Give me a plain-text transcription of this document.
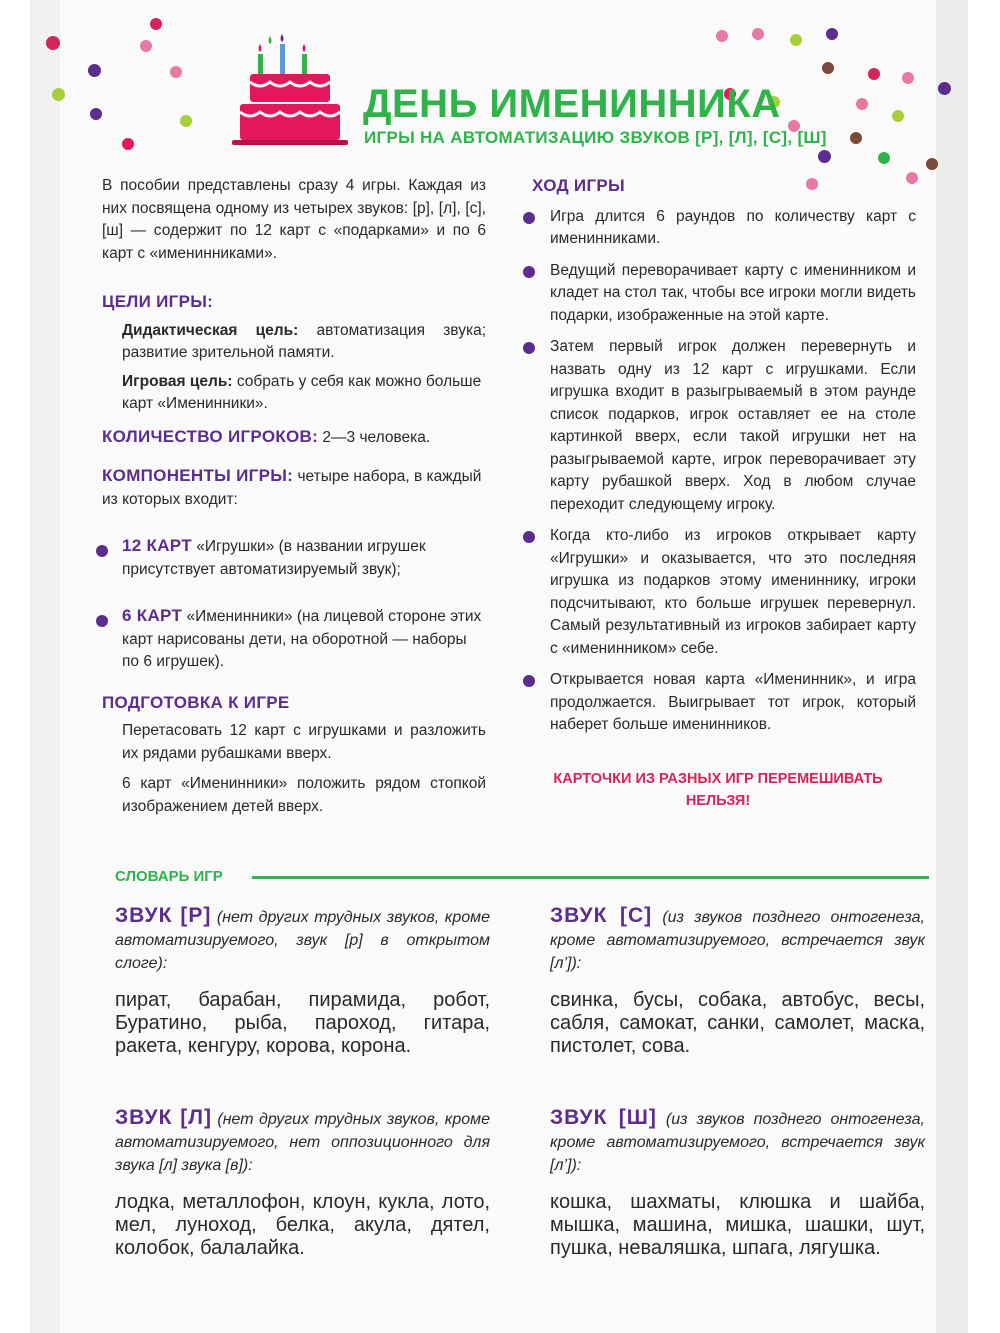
ДЕНЬ ИМЕНИННИКА
ИГРЫ НА АВТОМАТИЗАЦИЮ ЗВУКОВ [Р], [Л], [С], [Ш]
В пособии представлены сразу 4 игры. Каждая из них посвящена одному из четырех звуков: [р], [л], [с], [ш] — содержит по 12 карт с «подарками» и по 6 карт с «именинниками».
ЦЕЛИ ИГРЫ:
Дидактическая цель: автоматизация звука; развитие зрительной памяти.
Игровая цель: собрать у себя как можно больше карт «Именинники».
КОЛИЧЕСТВО ИГРОКОВ: 2—3 человека.
КОМПОНЕНТЫ ИГРЫ: четыре набора, в каждый из которых входит:
12 КАРТ «Игрушки» (в названии игрушек присутствует автоматизируемый звук);
6 КАРТ «Именинники» (на лицевой стороне этих карт нарисованы дети, на оборотной — наборы по 6 игрушек).
ПОДГОТОВКА К ИГРЕ
Перетасовать 12 карт с игрушками и разложить их рядами рубашками вверх.
6 карт «Именинники» положить рядом стопкой изображением детей вверх.
ХОД ИГРЫ
Игра длится 6 раундов по количеству карт с именинниками.
Ведущий переворачивает карту с именинником и кладет на стол так, чтобы все игроки могли видеть подарки, изображенные на этой карте.
Затем первый игрок должен перевернуть и назвать одну из 12 карт с игрушками. Если игрушка входит в разыгрываемый в этом раунде список подарков, игрок оставляет ее на столе картинкой вверх, если такой игрушки нет на разыгрываемой карте, игрок переворачивает эту карту рубашкой вверх. Ход в любом случае переходит следующему игроку.
Когда кто-либо из игроков открывает карту «Игрушки» и оказывается, что это последняя игрушка из подарков этому имениннику, игроки подсчитывают, кто больше игрушек перевернул. Самый результативный из игроков забирает карту с «именинником» себе.
Открывается новая карта «Именинник», и игра продолжается. Выигрывает тот игрок, который наберет больше именинников.
КАРТОЧКИ ИЗ РАЗНЫХ ИГР ПЕРЕМЕШИВАТЬ НЕЛЬЗЯ!
СЛОВАРЬ ИГР
ЗВУК [Р] (нет других трудных звуков, кроме автоматизируемого, звук [р] в открытом слоге):
пират, барабан, пирамида, робот, Буратино, рыба, пароход, гитара, ракета, кенгуру, корова, корона.
ЗВУК [С] (из звуков позднего онтогенеза, кроме автоматизируемого, встречается звук [л’]):
свинка, бусы, собака, автобус, весы, сабля, самокат, санки, самолет, маска, пистолет, сова.
ЗВУК [Л] (нет других трудных звуков, кроме автоматизируемого, нет оппозиционного для звука [л] звука [в]):
лодка, металлофон, клоун, кукла, лото, мел, луноход, белка, акула, дятел, колобок, балалайка.
ЗВУК [Ш] (из звуков позднего онтогенеза, кроме автоматизируемого, встречается звук [л’]):
кошка, шахматы, клюшка и шайба, мышка, машина, мишка, шашки, шут, пушка, неваляшка, шпага, лягушка.
